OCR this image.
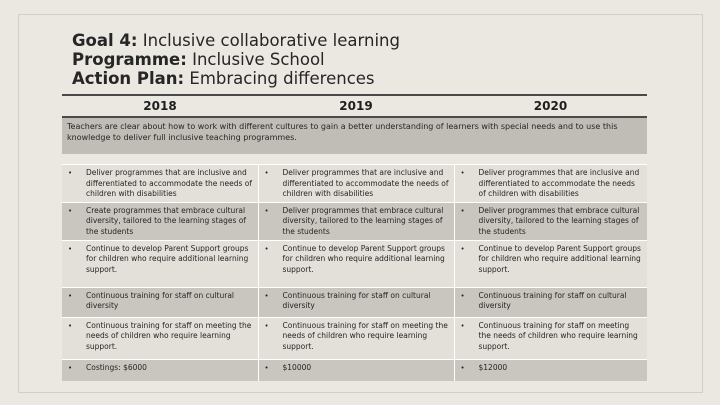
Goal 4: Inclusive collaborative learning
Programme: Inclusive School
Action Plan: Embracing differences
2018	2019	2020
Teachers are clear about how to work with different cultures to gain a better understanding of learners with special needs and to use this knowledge to deliver full inclusive teaching programmes.		

• Deliver programmes that are inclusive and differentiated to accommodate the needs of children with disabilities	• Deliver programmes that are inclusive and differentiated to accommodate the needs of children with disabilities	• Deliver programmes that are inclusive and differentiated to accommodate the needs of children with disabilities

• Create programmes that embrace cultural diversity, tailored to the learning stages of the students	• Deliver programmes that embrace cultural diversity, tailored to the learning stages of the students	• Deliver programmes that embrace cultural diversity, tailored to the learning stages of the students

• Continue to develop Parent Support groups for children who require additional learning support.	• Continue to develop Parent Support groups for children who require additional learning support.	• Continue to develop Parent Support groups for children who require additional learning support.

• Continuous training for staff on cultural diversity	• Continuous training for staff on cultural diversity	• Continuous training for staff on cultural diversity

• Continuous training for staff on meeting the needs of children who require learning support.	• Continuous training for staff on meeting the needs of children who require learning support.	• Continuous training for staff on meeting the needs of children who require learning support.

• Costings: $6000	• $10000	• $12000
